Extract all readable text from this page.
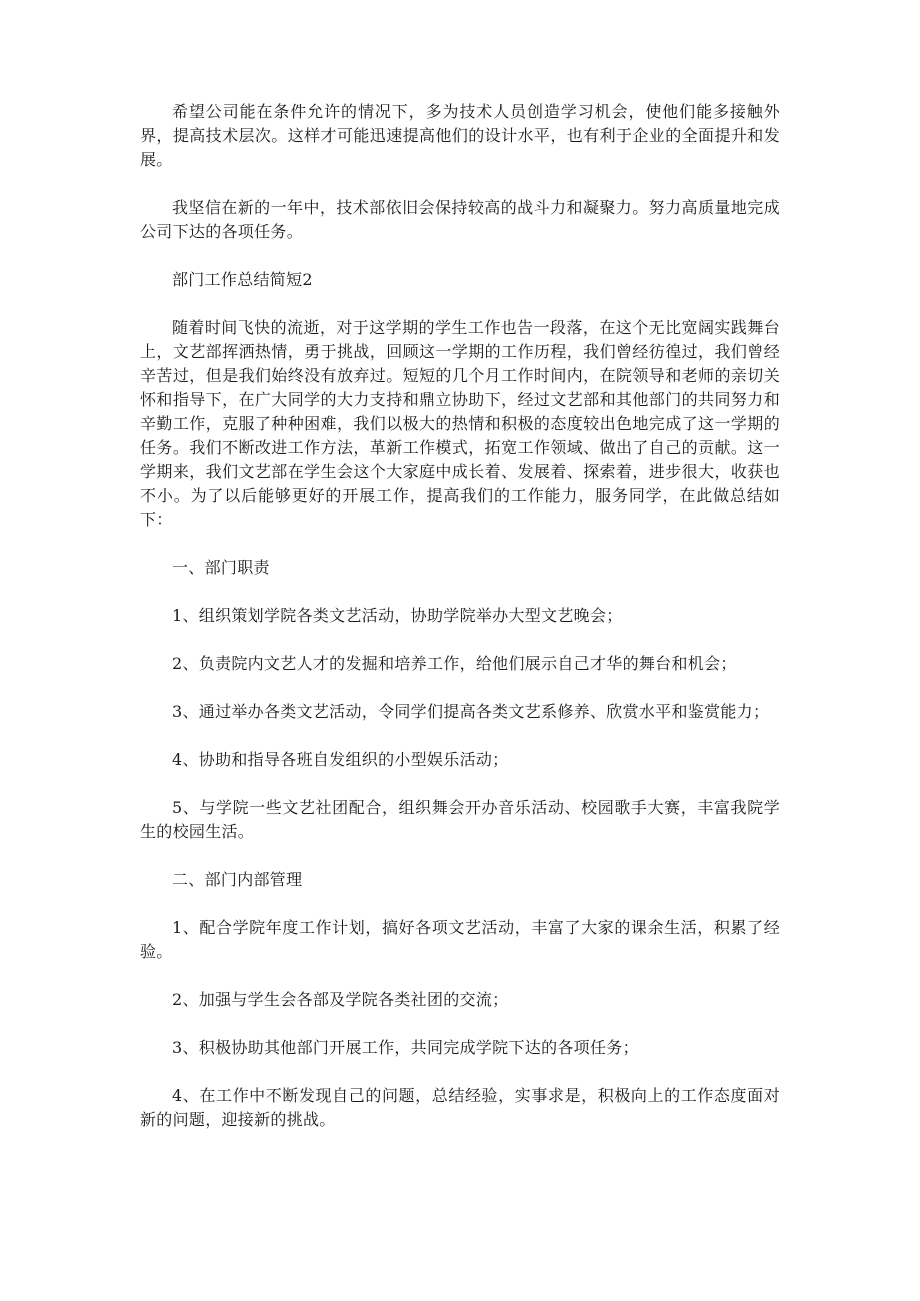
希望公司能在条件允许的情况下，多为技术人员创造学习机会，使他们能多接触外界，提高技术层次。这样才可能迅速提高他们的设计水平，也有利于企业的全面提升和发展。

我坚信在新的一年中，技术部依旧会保持较高的战斗力和凝聚力。努力高质量地完成公司下达的各项任务。

部门工作总结简短2

随着时间飞快的流逝，对于这学期的学生工作也告一段落，在这个无比宽阔实践舞台上，文艺部挥洒热情，勇于挑战，回顾这一学期的工作历程，我们曾经彷徨过，我们曾经辛苦过，但是我们始终没有放弃过。短短的几个月工作时间内，在院领导和老师的亲切关怀和指导下，在广大同学的大力支持和鼎立协助下，经过文艺部和其他部门的共同努力和辛勤工作，克服了种种困难，我们以极大的热情和积极的态度较出色地完成了这一学期的任务。我们不断改进工作方法，革新工作模式，拓宽工作领域、做出了自己的贡献。这一学期来，我们文艺部在学生会这个大家庭中成长着、发展着、探索着，进步很大，收获也不小。为了以后能够更好的开展工作，提高我们的工作能力，服务同学，在此做总结如下：

一、部门职责

1、组织策划学院各类文艺活动，协助学院举办大型文艺晚会；

2、负责院内文艺人才的发掘和培养工作，给他们展示自己才华的舞台和机会；

3、通过举办各类文艺活动，令同学们提高各类文艺系修养、欣赏水平和鉴赏能力；

4、协助和指导各班自发组织的小型娱乐活动；

5、与学院一些文艺社团配合，组织舞会开办音乐活动、校园歌手大赛，丰富我院学生的校园生活。

二、部门内部管理

1、配合学院年度工作计划，搞好各项文艺活动，丰富了大家的课余生活，积累了经验。

2、加强与学生会各部及学院各类社团的交流；

3、积极协助其他部门开展工作，共同完成学院下达的各项任务；

4、在工作中不断发现自己的问题，总结经验，实事求是，积极向上的工作态度面对新的问题，迎接新的挑战。
